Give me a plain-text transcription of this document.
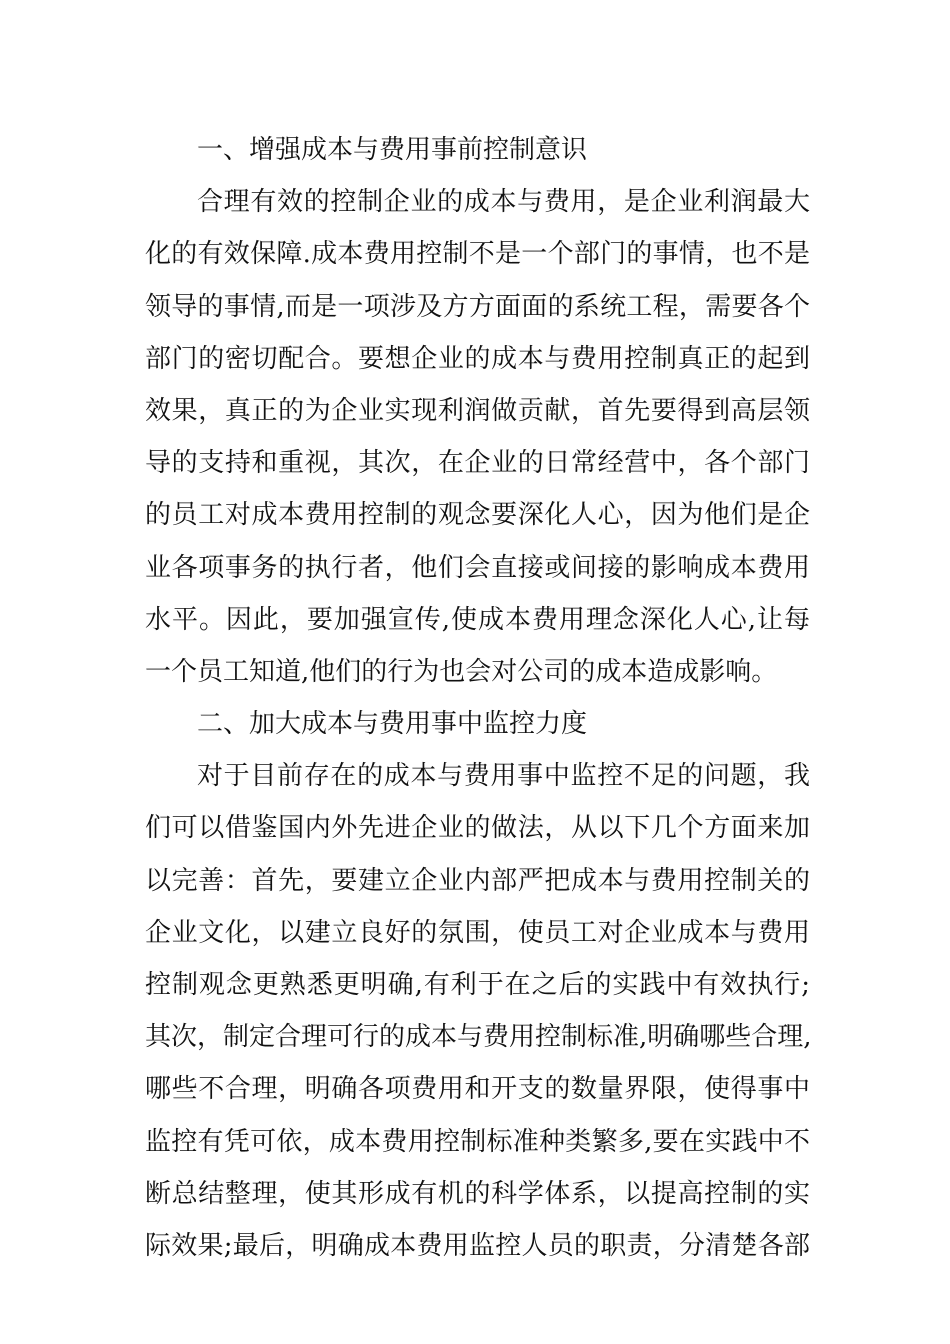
一、增强成本与费用事前控制意识
合理有效的控制企业的成本与费用，是企业利润最大
化的有效保障.成本费用控制不是一个部门的事情，也不是
领导的事情,而是一项涉及方方面面的系统工程，需要各个
部门的密切配合。要想企业的成本与费用控制真正的起到
效果，真正的为企业实现利润做贡献，首先要得到高层领
导的支持和重视，其次，在企业的日常经营中，各个部门
的员工对成本费用控制的观念要深化人心，因为他们是企
业各项事务的执行者，他们会直接或间接的影响成本费用
水平。因此，要加强宣传,使成本费用理念深化人心,让每
一个员工知道,他们的行为也会对公司的成本造成影响。
二、加大成本与费用事中监控力度
对于目前存在的成本与费用事中监控不足的问题，我
们可以借鉴国内外先进企业的做法，从以下几个方面来加
以完善：首先，要建立企业内部严把成本与费用控制关的
企业文化，以建立良好的氛围，使员工对企业成本与费用
控制观念更熟悉更明确,有利于在之后的实践中有效执行;
其次，制定合理可行的成本与费用控制标准,明确哪些合理,
哪些不合理，明确各项费用和开支的数量界限，使得事中
监控有凭可依，成本费用控制标准种类繁多,要在实践中不
断总结整理，使其形成有机的科学体系，以提高控制的实
际效果;最后，明确成本费用监控人员的职责，分清楚各部
